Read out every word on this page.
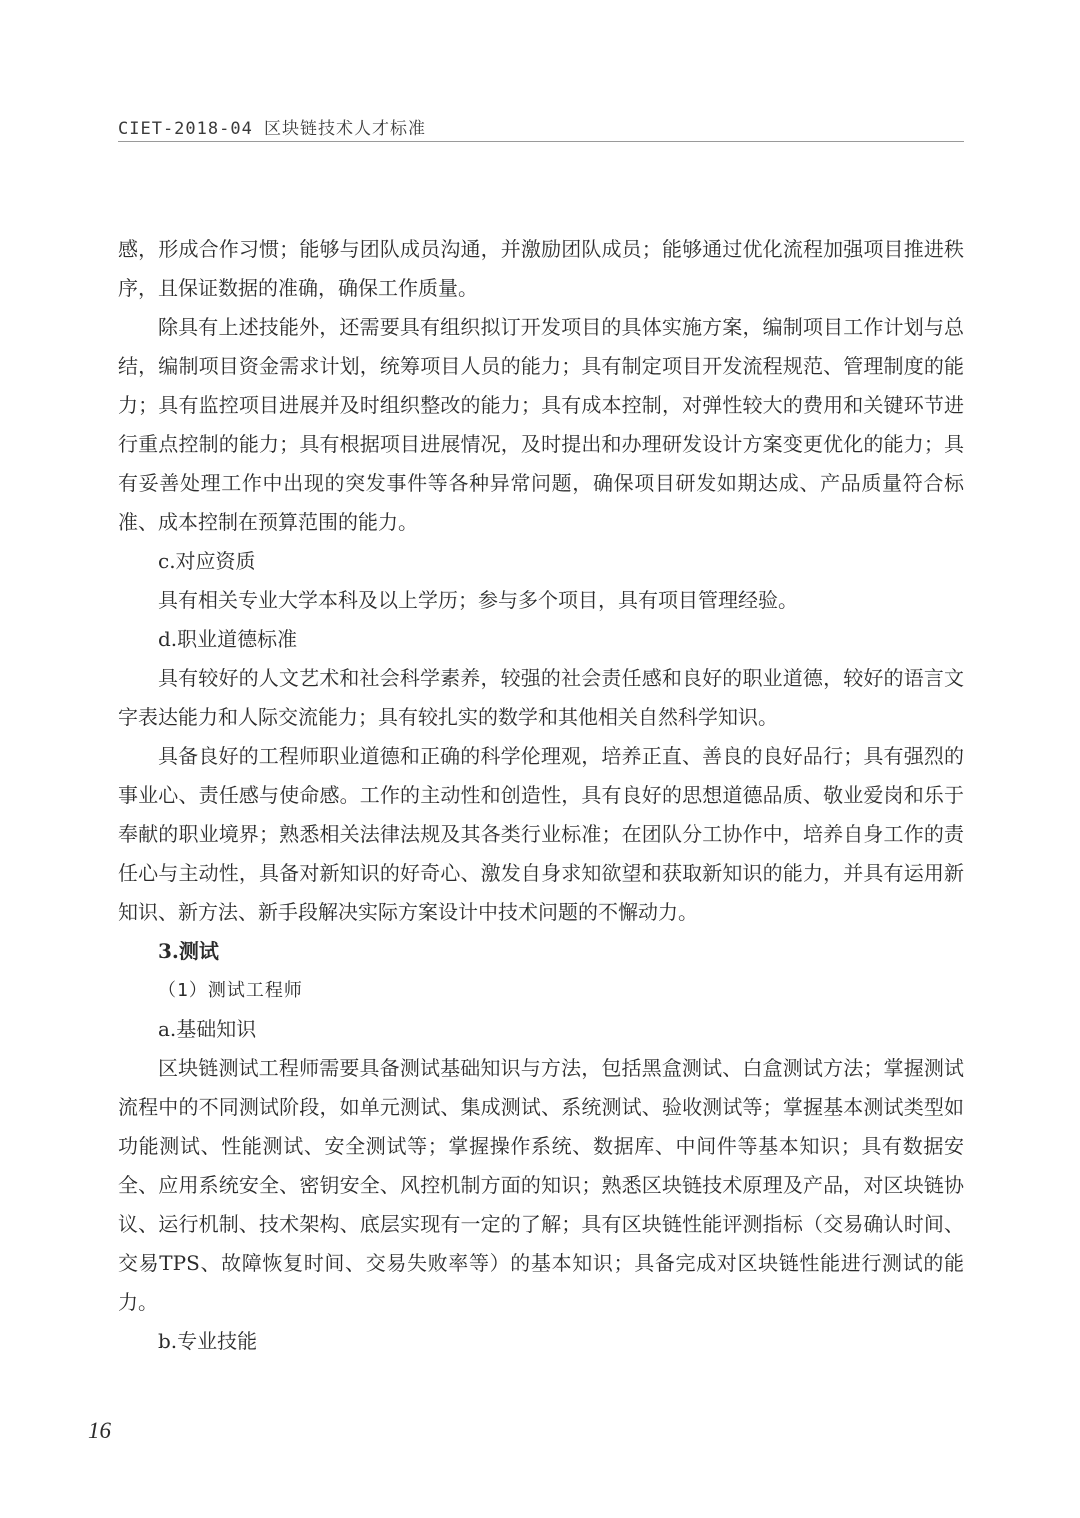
CIET-2018-04 区块链技术人才标准

感，形成合作习惯；能够与团队成员沟通，并激励团队成员；能够通过优化流程加强项目推进秩序，且保证数据的准确，确保工作质量。

除具有上述技能外，还需要具有组织拟订开发项目的具体实施方案，编制项目工作计划与总结，编制项目资金需求计划，统筹项目人员的能力；具有制定项目开发流程规范、管理制度的能力；具有监控项目进展并及时组织整改的能力；具有成本控制，对弹性较大的费用和关键环节进行重点控制的能力；具有根据项目进展情况，及时提出和办理研发设计方案变更优化的能力；具有妥善处理工作中出现的突发事件等各种异常问题，确保项目研发如期达成、产品质量符合标准、成本控制在预算范围的能力。

c.对应资质

具有相关专业大学本科及以上学历；参与多个项目，具有项目管理经验。

d.职业道德标准

具有较好的人文艺术和社会科学素养，较强的社会责任感和良好的职业道德，较好的语言文字表达能力和人际交流能力；具有较扎实的数学和其他相关自然科学知识。

具备良好的工程师职业道德和正确的科学伦理观，培养正直、善良的良好品行；具有强烈的事业心、责任感与使命感。工作的主动性和创造性，具有良好的思想道德品质、敬业爱岗和乐于奉献的职业境界；熟悉相关法律法规及其各类行业标准；在团队分工协作中，培养自身工作的责任心与主动性，具备对新知识的好奇心、激发自身求知欲望和获取新知识的能力，并具有运用新知识、新方法、新手段解决实际方案设计中技术问题的不懈动力。

3.测试

（1）测试工程师

a.基础知识

区块链测试工程师需要具备测试基础知识与方法，包括黑盒测试、白盒测试方法；掌握测试流程中的不同测试阶段，如单元测试、集成测试、系统测试、验收测试等；掌握基本测试类型如功能测试、性能测试、安全测试等；掌握操作系统、数据库、中间件等基本知识；具有数据安全、应用系统安全、密钥安全、风控机制方面的知识；熟悉区块链技术原理及产品，对区块链协议、运行机制、技术架构、底层实现有一定的了解；具有区块链性能评测指标（交易确认时间、交易TPS、故障恢复时间、交易失败率等）的基本知识；具备完成对区块链性能进行测试的能力。

b.专业技能

16
